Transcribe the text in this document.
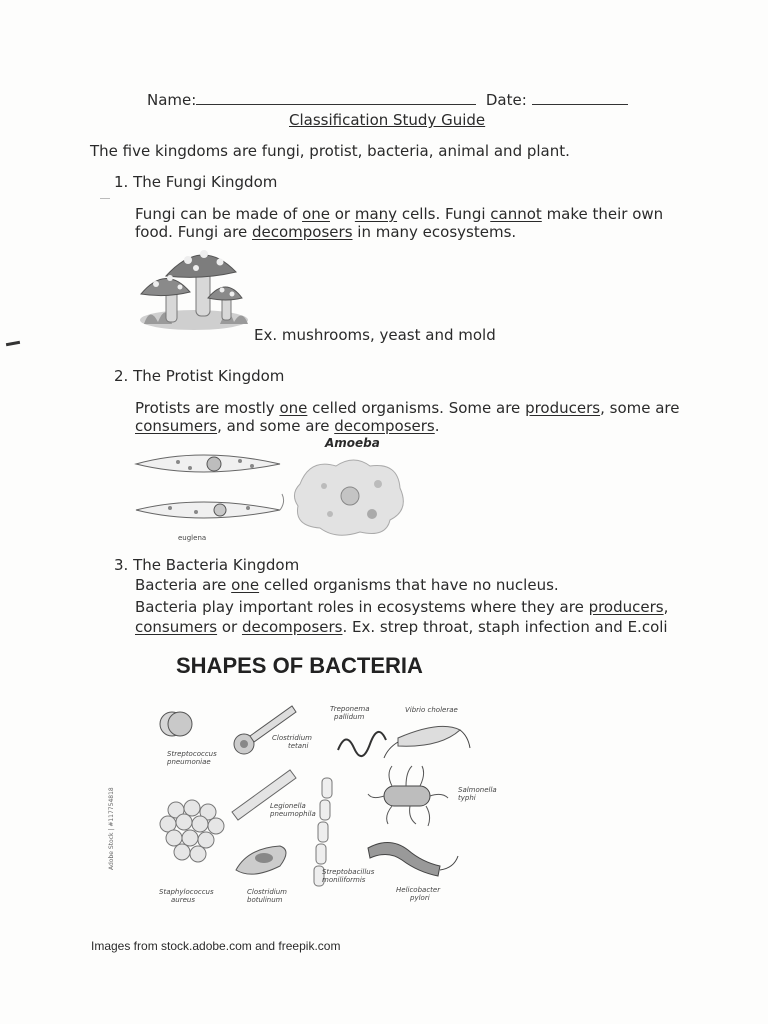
Name:	Date:
Classification Study Guide
The five kingdoms are fungi, protist, bacteria, animal and plant.
1. The Fungi Kingdom
Fungi can be made of one or many cells. Fungi cannot make their own
food. Fungi are decomposers in many ecosystems.
Ex. mushrooms, yeast and mold
2. The Protist Kingdom
Protists are mostly one celled organisms. Some are producers, some are
consumers, and some are decomposers.
Amoeba
euglena
3. The Bacteria Kingdom
Bacteria are one celled organisms that have no nucleus.
Bacteria play important roles in ecosystems where they are producers,
consumers or decomposers. Ex. strep throat, staph infection and E.coli
SHAPES OF BACTERIA
Streptococcus
pneumoniae
Clostridium
tetani
Treponema
pallidum
Vibrio cholerae
Legionella
pneumophila
Salmonella
typhi
Staphylococcus
aureus
Clostridium
botulinum
Streptobacillus
moniliformis
Helicobacter
pylori
Adobe Stock | #117754818
Images from stock.adobe.com and freepik.com
